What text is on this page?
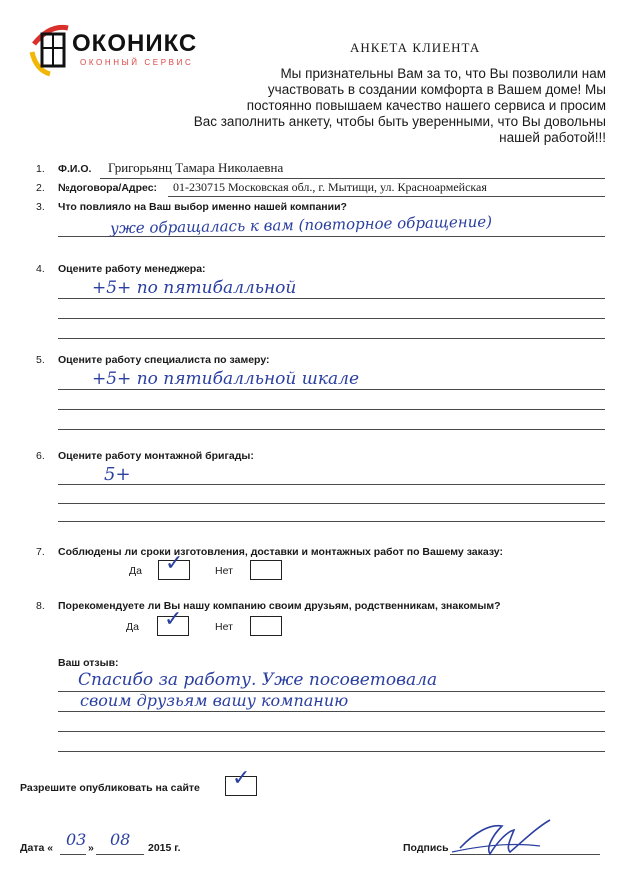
ОКОНИКС
ОКОННЫЙ СЕРВИС
АНКЕТА КЛИЕНТА
Мы признательны Вам за то, что Вы позволили нам
участвовать в создании комфорта в Вашем доме! Мы
постоянно повышаем качество нашего сервиса и просим
Вас заполнить анкету, чтобы быть уверенными, что Вы довольны нашей работой!!!
1. Ф.И.О. Григорьянц Тамара Николаевна
2. №договора/Адрес: 01-230715 Московская обл., г. Мытищи, ул. Красноармейская
3. Что повлияло на Ваш выбор именно нашей компании?
уже обращалась к вам (повторное обращение)
4. Оцените работу менеджера:
+5+ по пятибалльной
5. Оцените работу специалиста по замеру:
+5+ по пятибалльной шкале
6. Оцените работу монтажной бригады:
5+
7. Соблюдены ли сроки изготовления, доставки и монтажных работ по Вашему заказу:
Да ✓	Нет
8. Порекомендуете ли Вы нашу компанию своим друзьям, родственникам, знакомым?
Да ✓	Нет
Ваш отзыв:
Спасибо за работу. Уже посоветовала
своим друзьям вашу компанию
Разрешите опубликовать на сайте ✓
Дата « 03 » 08 2015 г.	Подпись
